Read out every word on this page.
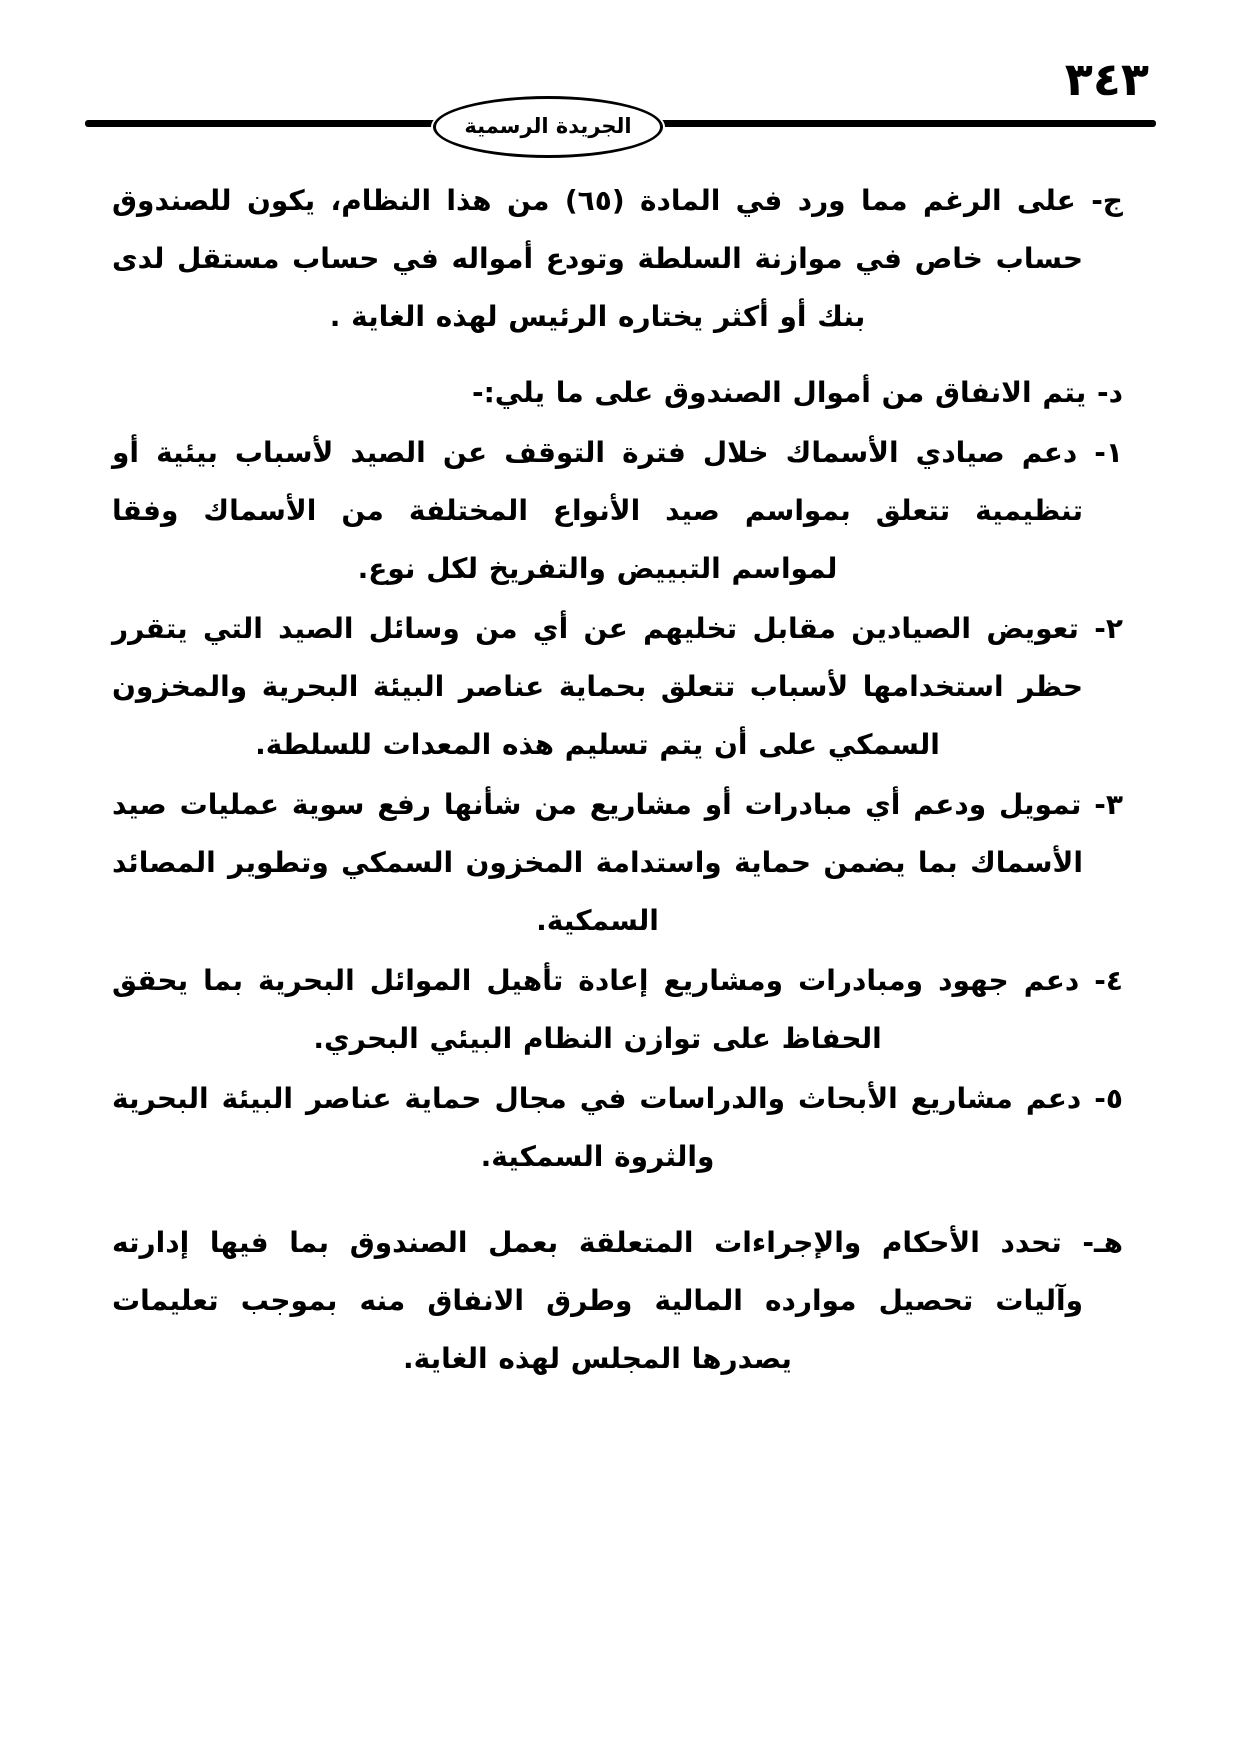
٣٤٣
الجريدة الرسمية

ج- على الرغم مما ورد في المادة (٦٥) من هذا النظام، يكون للصندوق حساب خاص في موازنة السلطة وتودع أمواله في حساب مستقل لدى بنك أو أكثر يختاره الرئيس لهذه الغاية .

د- يتم الانفاق من أموال الصندوق على ما يلي:-

١- دعم صيادي الأسماك خلال فترة التوقف عن الصيد لأسباب بيئية أو تنظيمية تتعلق بمواسم صيد الأنواع المختلفة من الأسماك وفقا لمواسم التبييض والتفريخ لكل نوع.

٢- تعويض الصيادين مقابل تخليهم عن أي من وسائل الصيد التي يتقرر حظر استخدامها لأسباب تتعلق بحماية عناصر البيئة البحرية والمخزون السمكي على أن يتم تسليم هذه المعدات للسلطة.

٣- تمويل ودعم أي مبادرات أو مشاريع من شأنها رفع سوية عمليات صيد الأسماك بما يضمن حماية واستدامة المخزون السمكي وتطوير المصائد السمكية.

٤- دعم جهود ومبادرات ومشاريع إعادة تأهيل الموائل البحرية بما يحقق الحفاظ على توازن النظام البيئي البحري.

٥- دعم مشاريع الأبحاث والدراسات في مجال حماية عناصر البيئة البحرية والثروة السمكية.

هـ- تحدد الأحكام والإجراءات المتعلقة بعمل الصندوق بما فيها إدارته وآليات تحصيل موارده المالية وطرق الانفاق منه بموجب تعليمات يصدرها المجلس لهذه الغاية.
